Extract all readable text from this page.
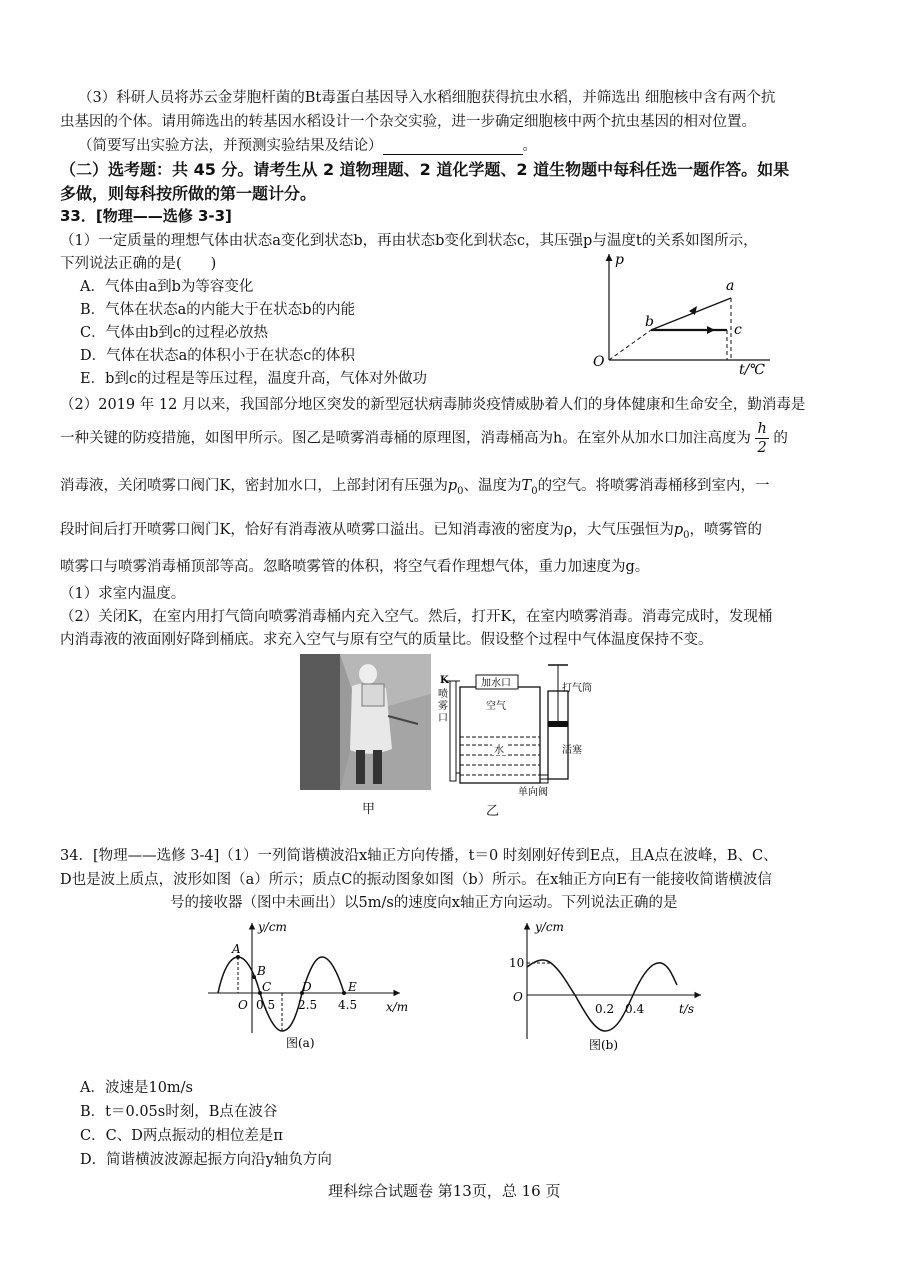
（3）科研人员将苏云金芽胞杆菌的Bt毒蛋白基因导入水稻细胞获得抗虫水稻，并筛选出 细胞核中含有两个抗
虫基因的个体。请用筛选出的转基因水稻设计一个杂交实验，进一步确定细胞核中两个抗虫基因的相对位置。
（简要写出实验方法，并预测实验结果及结论）	。
（二）选考题：共 45 分。请考生从 2 道物理题、2 道化学题、2 道生物题中每科任选一题作答。如果
多做，则每科按所做的第一题计分。
33．[物理——选修 3-3]
（1）一定质量的理想气体由状态a变化到状态b，再由状态b变化到状态c，其压强p与温度t的关系如图所示，
下列说法正确的是(　　)
A．气体由a到b为等容变化
B．气体在状态a的内能大于在状态b的内能
C．气体由b到c的过程必放热
D．气体在状态a的体积小于在状态c的体积
E．b到c的过程是等压过程，温度升高，气体对外做功
p
O	t/℃
a
b	c
（2）2019 年 12 月以来，我国部分地区突发的新型冠状病毒肺炎疫情威胁着人们的身体健康和生命安全，勤消毒是
一种关键的防疫措施，如图甲所示。图乙是喷雾消毒桶的原理图，消毒桶高为h。在室外从加水口加注高度为 $\frac{h}{2}$ 的
消毒液，关闭喷雾口阀门K，密封加水口，上部封闭有压强为$p_0$、温度为$T_0$的空气。将喷雾消毒桶移到室内，一
段时间后打开喷雾口阀门K，恰好有消毒液从喷雾口溢出。已知消毒液的密度为ρ，大气压强恒为$p_0$，喷雾管的
喷雾口与喷雾消毒桶顶部等高。忽略喷雾管的体积，将空气看作理想气体，重力加速度为g。
（1）求室内温度。
（2）关闭K，在室内用打气筒向喷雾消毒桶内充入空气。然后，打开K，在室内喷雾消毒。消毒完成时，发现桶
内消毒液的液面刚好降到桶底。求充入空气与原有空气的质量比。假设整个过程中气体温度保持不变。
甲
K
喷
雾
口
加水口
空气
水
打气筒
活塞
单向阀
乙
34．[物理——选修 3-4]（1）一列简谐横波沿x轴正方向传播，t＝0 时刻刚好传到E点，且A点在波峰，B、C、
D也是波上质点，波形如图（a）所示；质点C的振动图象如图（b）所示。在x轴正方向E有一能接收简谐横波信
号的接收器（图中未画出）以5m/s的速度向x轴正方向运动。下列说法正确的是
y/cm
x/m
O
A
B
C	D	E
0.5 2.5 4.5
图(a)
y/cm
t/s
O
10
0.2 0.4
图(b)
A．波速是10m/s
B．t＝0.05s时刻，B点在波谷
C．C、D两点振动的相位差是π
D．简谐横波波源起振方向沿y轴负方向
理科综合试题卷 第13页，总 16 页
